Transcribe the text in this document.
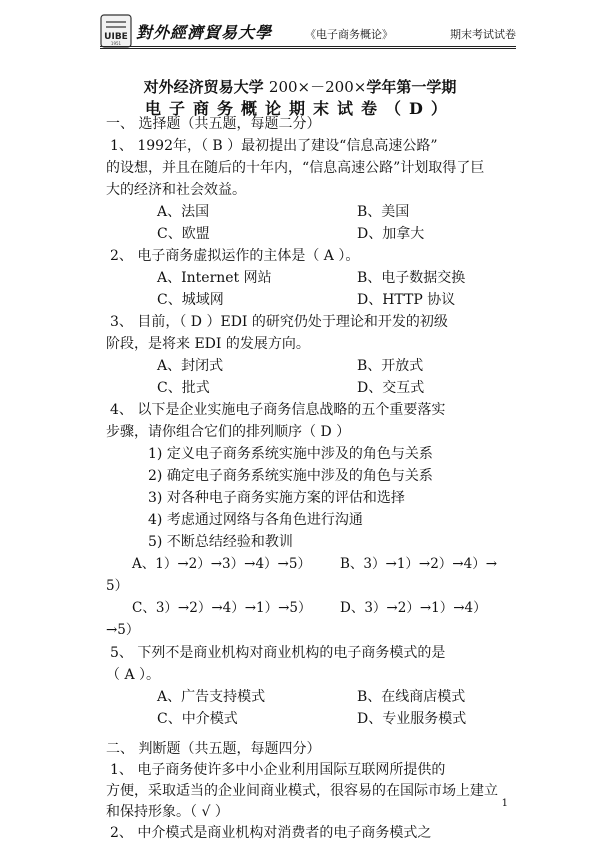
UIBE
1951
對外經濟貿易大學	《电子商务概论》	期末考试试卷
对外经济贸易大学 200×－200×学年第一学期
电子商务概论期末试卷（D）
一、 选择题（共五题，每题二分）
1、 1992年，（ B ）最初提出了建设“信息高速公路”
的设想，并且在随后的十年内，“信息高速公路”计划取得了巨
大的经济和社会效益。
A、法国	B、美国
C、欧盟	D、加拿大
2、 电子商务虚拟运作的主体是（ A ）。
A、Internet 网站	B、电子数据交换
C、城域网	D、HTTP 协议
3、 目前，（ D ）EDI 的研究仍处于理论和开发的初级
阶段，是将来 EDI 的发展方向。
A、封闭式	B、开放式
C、批式	D、交互式
4、 以下是企业实施电子商务信息战略的五个重要落实
步骤，请你组合它们的排列顺序（ D ）
1) 定义电子商务系统实施中涉及的角色与关系
2) 确定电子商务系统实施中涉及的角色与关系
3) 对各种电子商务实施方案的评估和选择
4) 考虑通过网络与各角色进行沟通
5) 不断总结经验和教训
A、1）→2）→3）→4）→5） B、3）→1）→2）→4）→
5）
C、3）→2）→4）→1）→5） D、3）→2）→1）→4）
→5）
5、 下列不是商业机构对商业机构的电子商务模式的是
（ A ）。
A、广告支持模式	B、在线商店模式
C、中介模式	D、专业服务模式
二、 判断题（共五题，每题四分）
1、 电子商务使许多中小企业利用国际互联网所提供的
方便，采取适当的企业间商业模式，很容易的在国际市场上建立
和保持形象。（ √ ）
2、 中介模式是商业机构对消费者的电子商务模式之
1
